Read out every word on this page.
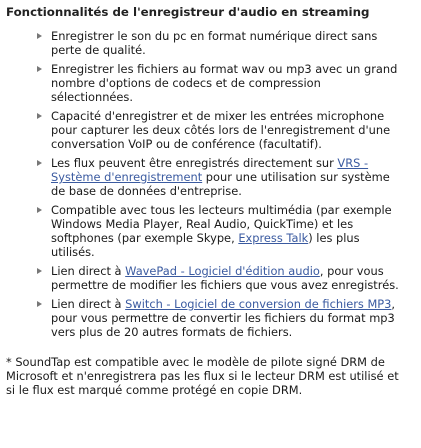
Fonctionnalités de l'enregistreur d'audio en streaming
Enregistrer le son du pc en format numérique direct sans perte de qualité.
Enregistrer les fichiers au format wav ou mp3 avec un grand nombre d'options de codecs et de compression sélectionnées.
Capacité d'enregistrer et de mixer les entrées microphone pour capturer les deux côtés lors de l'enregistrement d'une conversation VoIP ou de conférence (facultatif).
Les flux peuvent être enregistrés directement sur VRS - Système d'enregistrement pour une utilisation sur système de base de données d'entreprise.
Compatible avec tous les lecteurs multimédia (par exemple Windows Media Player, Real Audio, QuickTime) et les softphones (par exemple Skype, Express Talk) les plus utilisés.
Lien direct à WavePad - Logiciel d'édition audio, pour vous permettre de modifier les fichiers que vous avez enregistrés.
Lien direct à Switch - Logiciel de conversion de fichiers MP3, pour vous permettre de convertir les fichiers du format mp3 vers plus de 20 autres formats de fichiers.

* SoundTap est compatible avec le modèle de pilote signé DRM de Microsoft et n'enregistrera pas les flux si le lecteur DRM est utilisé et si le flux est marqué comme protégé en copie DRM.
